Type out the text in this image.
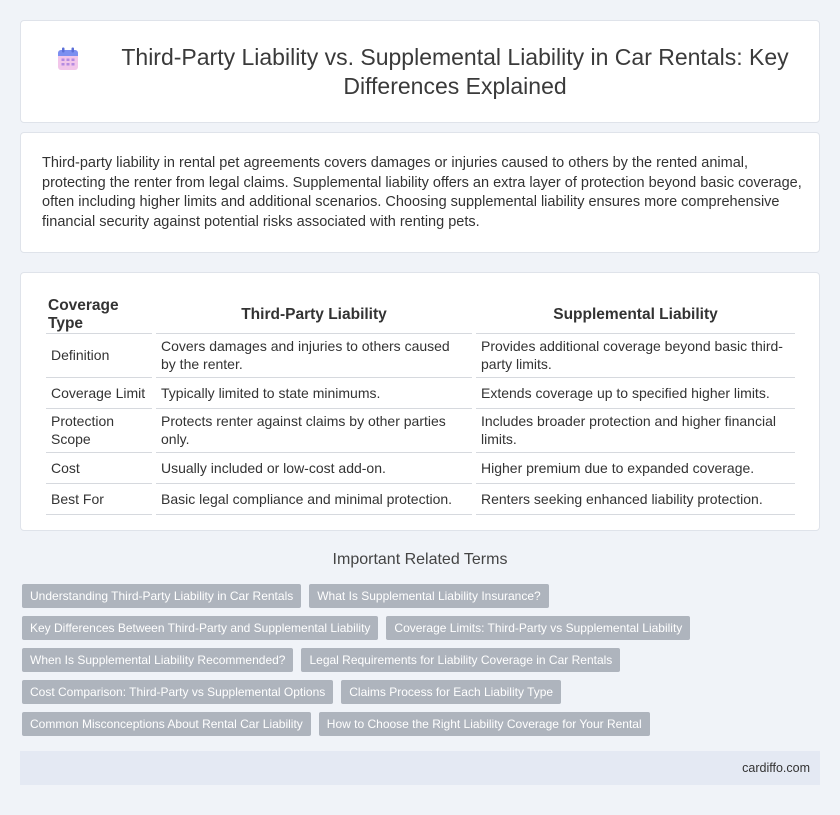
Third-Party Liability vs. Supplemental Liability in Car Rentals: Key Differences Explained

Third-party liability in rental pet agreements covers damages or injuries caused to others by the rented animal, protecting the renter from legal claims. Supplemental liability offers an extra layer of protection beyond basic coverage, often including higher limits and additional scenarios. Choosing supplemental liability ensures more comprehensive financial security against potential risks associated with renting pets.

Coverage Type	Third-Party Liability	Supplemental Liability
Definition	Covers damages and injuries to others caused by the renter.	Provides additional coverage beyond basic third-party limits.
Coverage Limit	Typically limited to state minimums.	Extends coverage up to specified higher limits.
Protection Scope	Protects renter against claims by other parties only.	Includes broader protection and higher financial limits.
Cost	Usually included or low-cost add-on.	Higher premium due to expanded coverage.
Best For	Basic legal compliance and minimal protection.	Renters seeking enhanced liability protection.
Important Related Terms
Understanding Third-Party Liability in Car Rentals	What Is Supplemental Liability Insurance?
Key Differences Between Third-Party and Supplemental Liability	Coverage Limits: Third-Party vs Supplemental Liability
When Is Supplemental Liability Recommended?	Legal Requirements for Liability Coverage in Car Rentals
Cost Comparison: Third-Party vs Supplemental Options	Claims Process for Each Liability Type
Common Misconceptions About Rental Car Liability	How to Choose the Right Liability Coverage for Your Rental
cardiffo.com
